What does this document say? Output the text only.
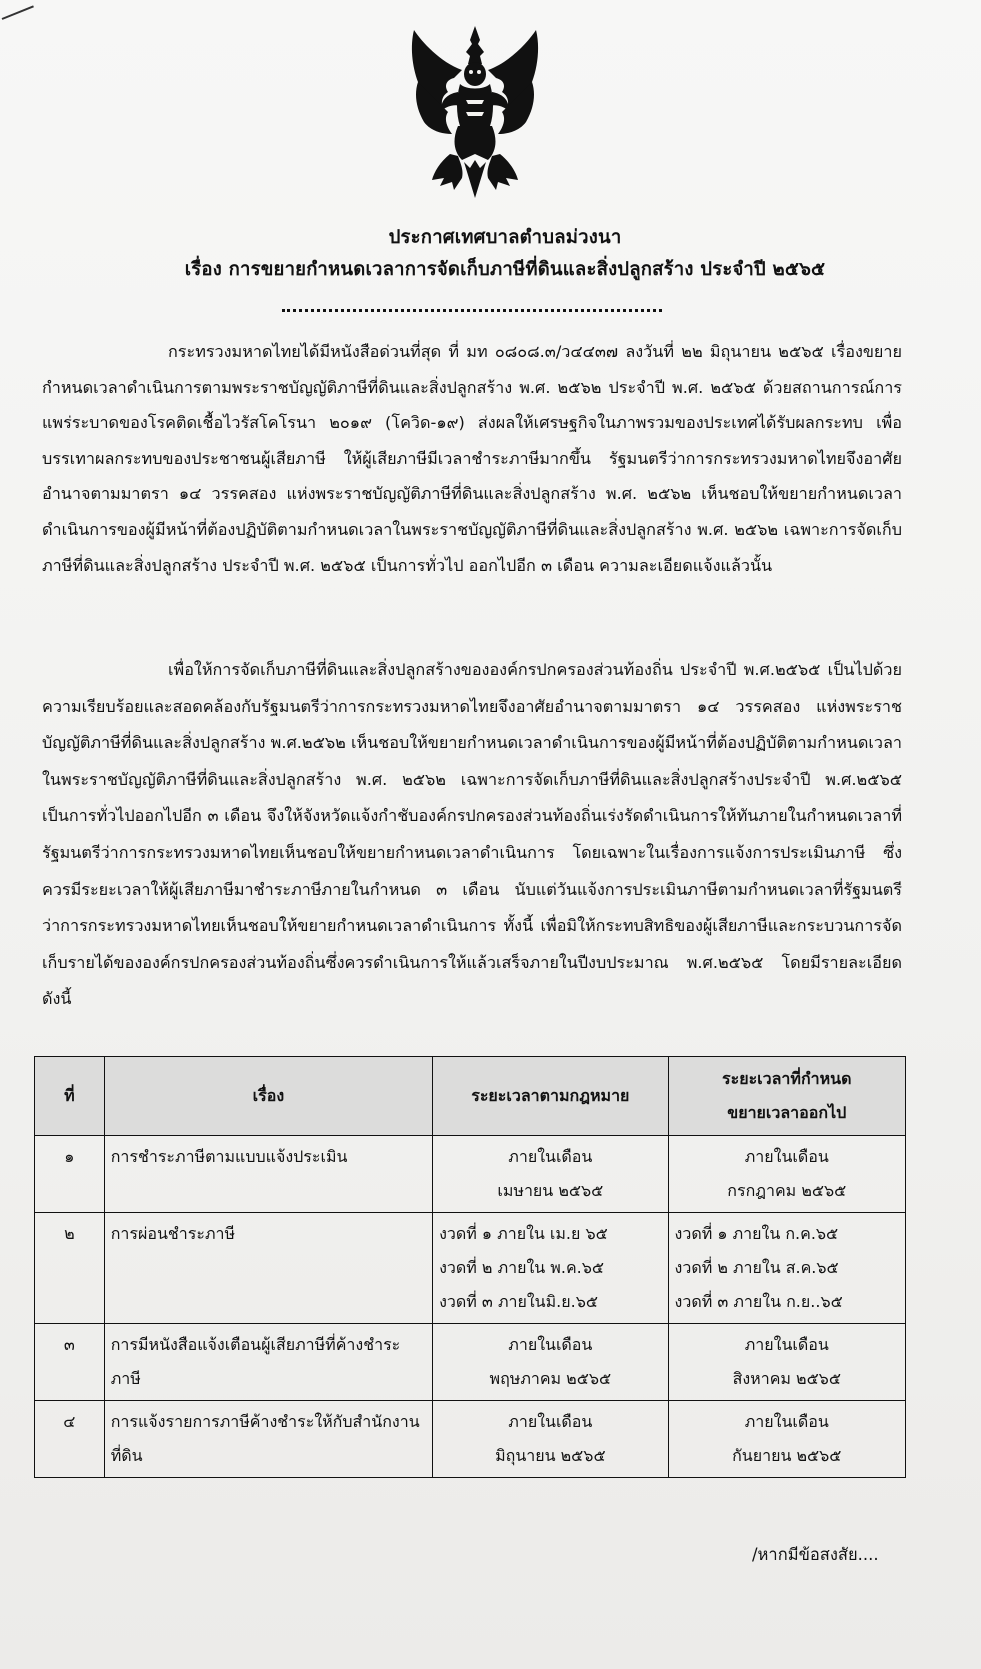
ประกาศเทศบาลตำบลม่วงนา
เรื่อง การขยายกำหนดเวลาการจัดเก็บภาษีที่ดินและสิ่งปลูกสร้าง ประจำปี ๒๕๖๕

กระทรวงมหาดไทยได้มีหนังสือด่วนที่สุด ที่ มท ๐๘๐๘.๓/ว๔๔๓๗ ลงวันที่ ๒๒ มิถุนายน ๒๕๖๕ เรื่องขยายกำหนดเวลาดำเนินการตามพระราชบัญญัติภาษีที่ดินและสิ่งปลูกสร้าง พ.ศ. ๒๕๖๒ ประจำปี พ.ศ. ๒๕๖๕ ด้วยสถานการณ์การแพร่ระบาดของโรคติดเชื้อไวรัสโคโรนา ๒๐๑๙ (โควิด-๑๙) ส่งผลให้เศรษฐกิจในภาพรวมของประเทศได้รับผลกระทบ เพื่อบรรเทาผลกระทบของประชาชนผู้เสียภาษี ให้ผู้เสียภาษีมีเวลาชำระภาษีมากขึ้น รัฐมนตรีว่าการกระทรวงมหาดไทยจึงอาศัยอำนาจตามมาตรา ๑๔ วรรคสอง แห่งพระราชบัญญัติภาษีที่ดินและสิ่งปลูกสร้าง พ.ศ. ๒๕๖๒ เห็นชอบให้ขยายกำหนดเวลาดำเนินการของผู้มีหน้าที่ต้องปฏิบัติตามกำหนดเวลาในพระราชบัญญัติภาษีที่ดินและสิ่งปลูกสร้าง พ.ศ. ๒๕๖๒ เฉพาะการจัดเก็บภาษีที่ดินและสิ่งปลูกสร้าง ประจำปี พ.ศ. ๒๕๖๕ เป็นการทั่วไป ออกไปอีก ๓ เดือน ความละเอียดแจ้งแล้วนั้น

เพื่อให้การจัดเก็บภาษีที่ดินและสิ่งปลูกสร้างขององค์กรปกครองส่วนท้องถิ่น ประจำปี พ.ศ.๒๕๖๕ เป็นไปด้วยความเรียบร้อยและสอดคล้องกับรัฐมนตรีว่าการกระทรวงมหาดไทยจึงอาศัยอำนาจตามมาตรา ๑๔ วรรคสอง แห่งพระราชบัญญัติภาษีที่ดินและสิ่งปลูกสร้าง พ.ศ.๒๕๖๒ เห็นชอบให้ขยายกำหนดเวลาดำเนินการของผู้มีหน้าที่ต้องปฏิบัติตามกำหนดเวลาในพระราชบัญญัติภาษีที่ดินและสิ่งปลูกสร้าง พ.ศ. ๒๕๖๒ เฉพาะการจัดเก็บภาษีที่ดินและสิ่งปลูกสร้างประจำปี พ.ศ.๒๕๖๕ เป็นการทั่วไปออกไปอีก ๓ เดือน จึงให้จังหวัดแจ้งกำชับองค์กรปกครองส่วนท้องถิ่นเร่งรัดดำเนินการให้ทันภายในกำหนดเวลาที่รัฐมนตรีว่าการกระทรวงมหาดไทยเห็นชอบให้ขยายกำหนดเวลาดำเนินการ โดยเฉพาะในเรื่องการแจ้งการประเมินภาษี ซึ่งควรมีระยะเวลาให้ผู้เสียภาษีมาชำระภาษีภายในกำหนด ๓ เดือน นับแต่วันแจ้งการประเมินภาษีตามกำหนดเวลาที่รัฐมนตรีว่าการกระทรวงมหาดไทยเห็นชอบให้ขยายกำหนดเวลาดำเนินการ ทั้งนี้ เพื่อมิให้กระทบสิทธิของผู้เสียภาษีและกระบวนการจัดเก็บรายได้ขององค์กรปกครองส่วนท้องถิ่นซึ่งควรดำเนินการให้แล้วเสร็จภายในปีงบประมาณ พ.ศ.๒๕๖๕ โดยมีรายละเอียด ดังนี้

ที่	เรื่อง	ระยะเวลาตามกฎหมาย	ระยะเวลาที่กำหนด
ขยายเวลาออกไป

๑	การชำระภาษีตามแบบแจ้งประเมิน	ภายในเดือน
เมษายน ๒๕๖๕	ภายในเดือน
กรกฎาคม ๒๕๖๕

๒	การผ่อนชำระภาษี	งวดที่ ๑ ภายใน เม.ย ๖๕
งวดที่ ๒ ภายใน พ.ค.๖๕
งวดที่ ๓ ภายในมิ.ย.๖๕	งวดที่ ๑ ภายใน ก.ค.๖๕
งวดที่ ๒ ภายใน ส.ค.๖๕
งวดที่ ๓ ภายใน ก.ย..๖๕

๓	การมีหนังสือแจ้งเตือนผู้เสียภาษีที่ค้างชำระภาษี	ภายในเดือน
พฤษภาคม ๒๕๖๕	ภายในเดือน
สิงหาคม ๒๕๖๕

๔	การแจ้งรายการภาษีค้างชำระให้กับสำนักงานที่ดิน	ภายในเดือน
มิถุนายน ๒๕๖๕	ภายในเดือน
กันยายน ๒๕๖๕
/หากมีข้อสงสัย....
